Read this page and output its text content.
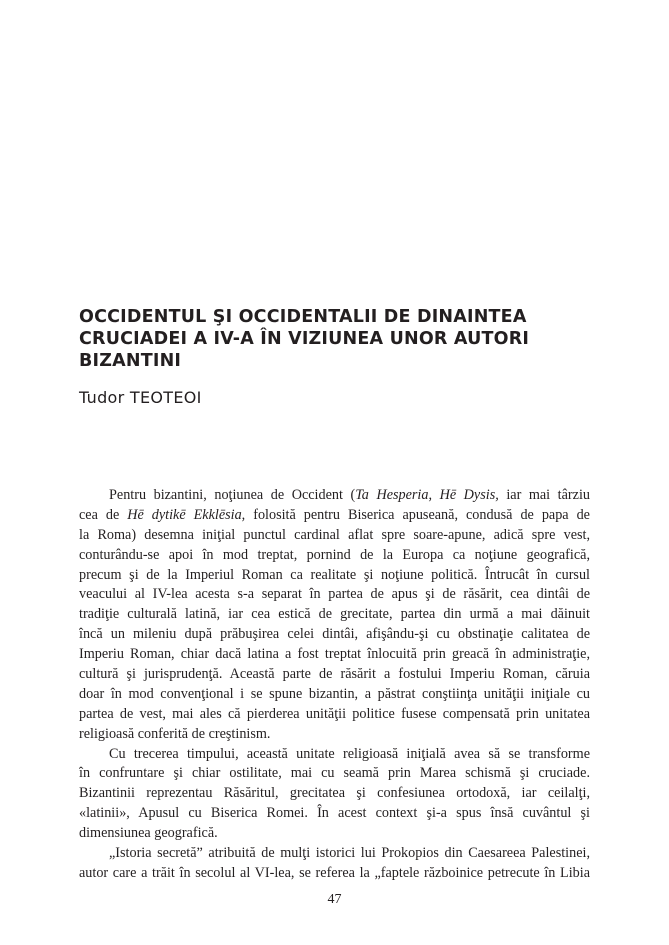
OCCIDENTUL ŞI OCCIDENTALII DE DINAINTEA
CRUCIADEI A IV-A ÎN VIZIUNEA UNOR AUTORI
BIZANTINI
Tudor TEOTEOI
Pentru bizantini, noţiunea de Occident (Ta Hesperia, Hē Dysis, iar mai târziu
cea de Hē dytikē Ekklēsia, folosită pentru Biserica apuseană, condusă de papa de
la Roma) desemna iniţial punctul cardinal aflat spre soare-apune, adică spre vest,
conturându-se apoi în mod treptat, pornind de la Europa ca noţiune geografică,
precum şi de la Imperiul Roman ca realitate şi noţiune politică. Întrucât în cursul
veacului al IV-lea acesta s-a separat în partea de apus şi de răsărit, cea dintâi de
tradiţie culturală latină, iar cea estică de grecitate, partea din urmă a mai dăinuit
încă un mileniu după prăbuşirea celei dintâi, afişându-şi cu obstinaţie calitatea de
Imperiu Roman, chiar dacă latina a fost treptat înlocuită prin greacă în administraţie,
cultură şi jurisprudenţă. Această parte de răsărit a fostului Imperiu Roman, căruia
doar în mod convenţional i se spune bizantin, a păstrat conştiinţa unităţii iniţiale cu
partea de vest, mai ales că pierderea unităţii politice fusese compensată prin unitatea
religioasă conferită de creştinism.
Cu trecerea timpului, această unitate religioasă iniţială avea să se transforme
în confruntare şi chiar ostilitate, mai cu seamă prin Marea schismă şi cruciade.
Bizantinii reprezentau Răsăritul, grecitatea şi confesiunea ortodoxă, iar ceilalţi,
«latinii», Apusul cu Biserica Romei. În acest context şi-a spus însă cuvântul şi
dimensiunea geografică.
„Istoria secretă” atribuită de mulţi istorici lui Prokopios din Caesareea Palestinei,
autor care a trăit în secolul al VI-lea, se referea la „faptele războinice petrecute în Libia
47
